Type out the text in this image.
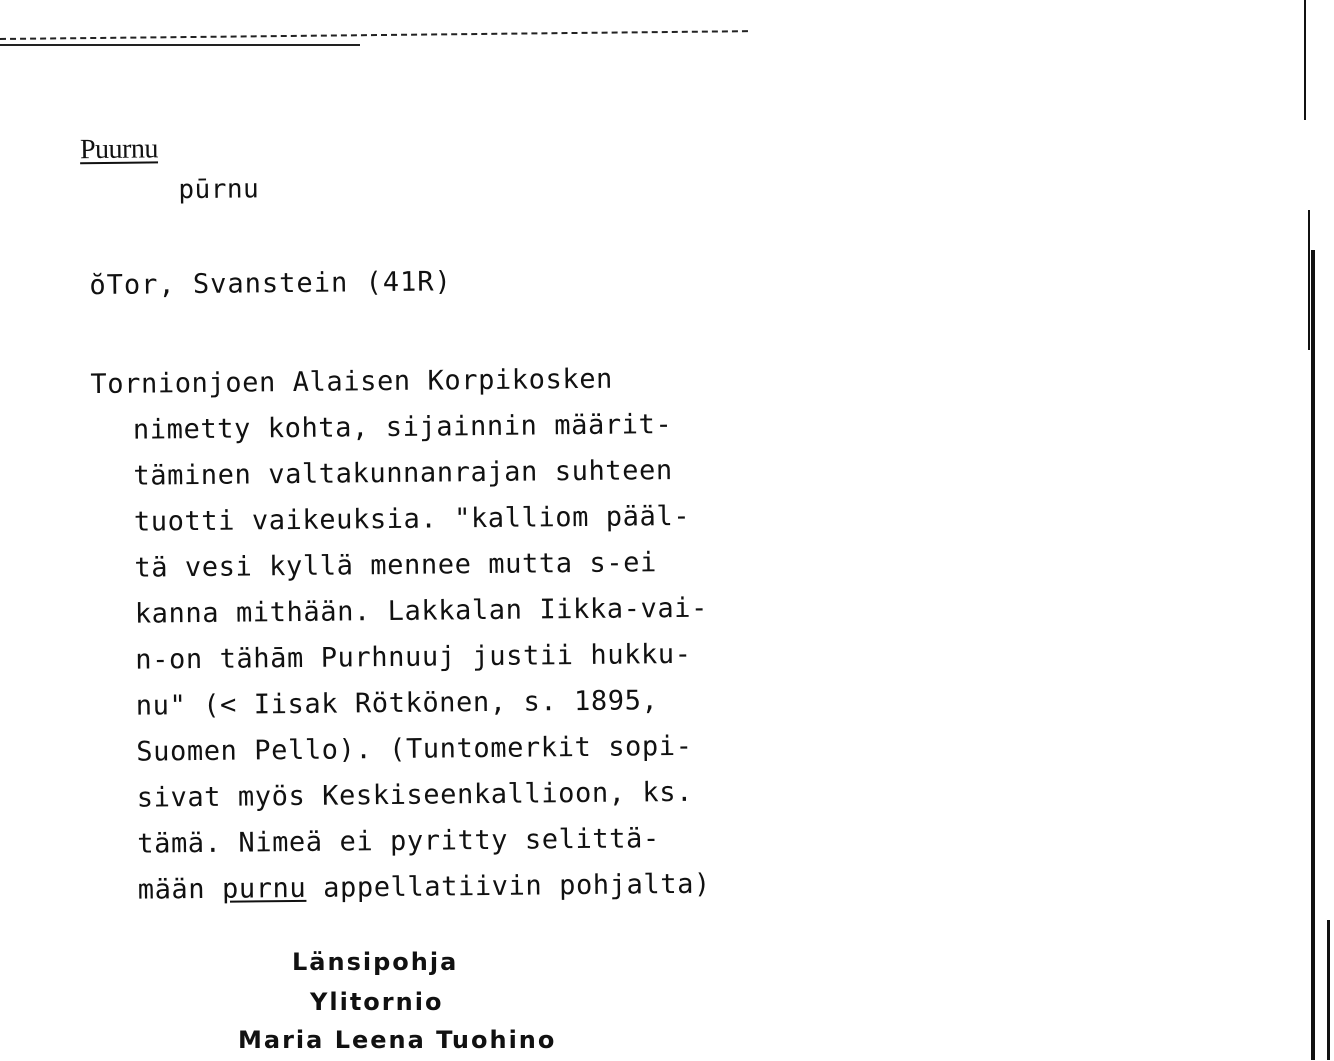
Puurnu
pūrnu
ŏTor, Svanstein (41R)
Tornionjoen Alaisen Korpikosken
nimetty kohta, sijainnin määrit-
täminen valtakunnanrajan suhteen
tuotti vaikeuksia. "kalliom pääl-
tä vesi kyllä mennee mutta s-ei
kanna mithään. Lakkalan Iikka-vai-
n-on tähām Purhnuuj justii hukku-
nu" (< Iisak Rötkönen, s. 1895,
Suomen Pello). (Tuntomerkit sopi-
sivat myös Keskiseenkallioon, ks.
tämä. Nimeä ei pyritty selittä-
mään purnu appellatiivin pohjalta)
Länsipohja
Ylitornio
Maria Leena Tuohino
